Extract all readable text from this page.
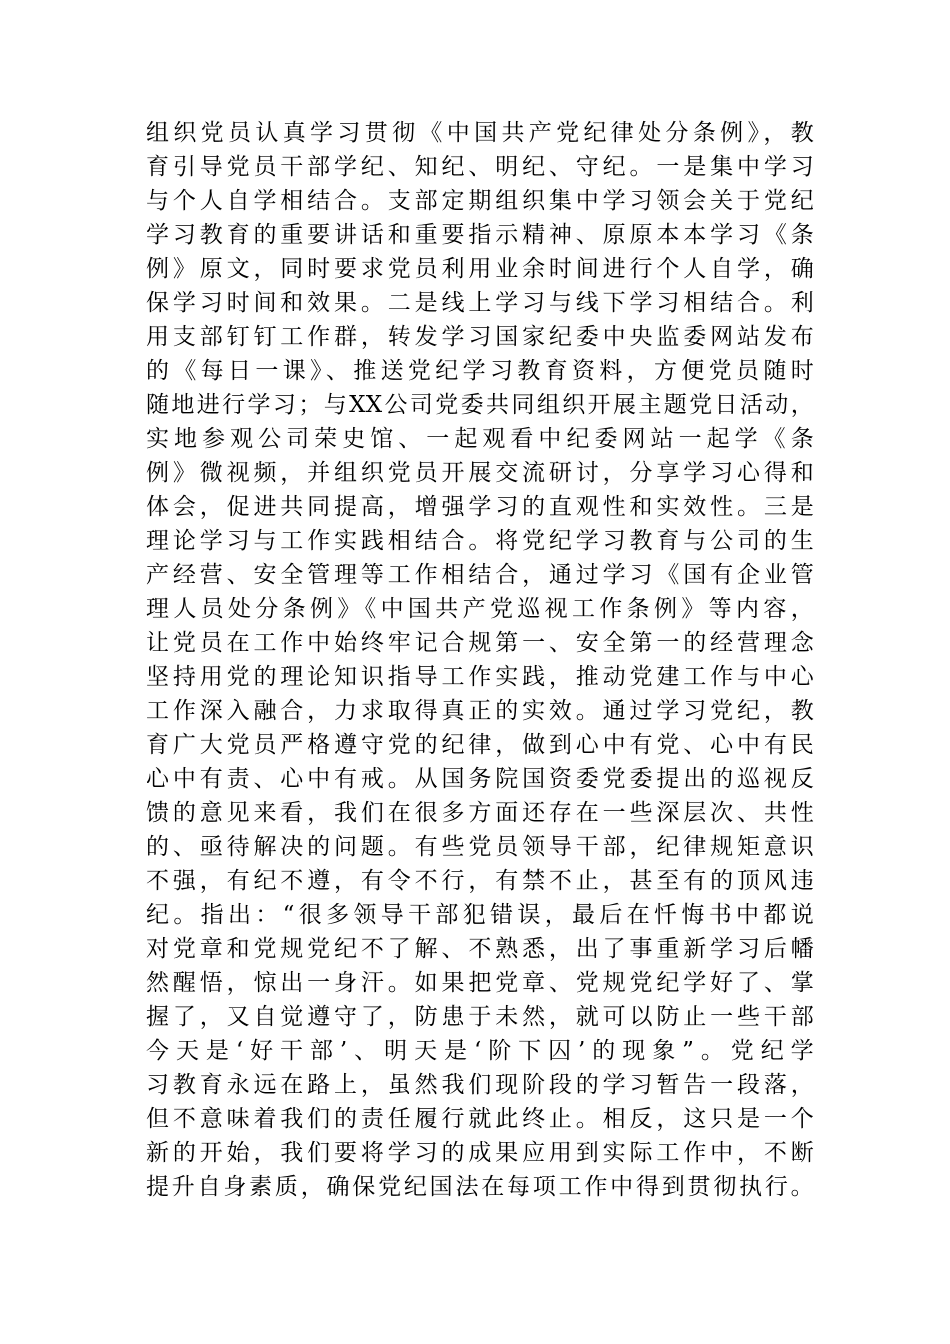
组织党员认真学习贯彻《中国共产党纪律处分条例》，教
育引导党员干部学纪、知纪、明纪、守纪。一是集中学习
与个人自学相结合。支部定期组织集中学习领会关于党纪
学习教育的重要讲话和重要指示精神、原原本本学习《条
例》原文，同时要求党员利用业余时间进行个人自学，确
保学习时间和效果。二是线上学习与线下学习相结合。利
用支部钉钉工作群，转发学习国家纪委中央监委网站发布
的《每日一课》、推送党纪学习教育资料，方便党员随时
随地进行学习；与XX公司党委共同组织开展主题党日活动，
实地参观公司荣史馆、一起观看中纪委网站一起学《条
例》微视频，并组织党员开展交流研讨，分享学习心得和
体会，促进共同提高，增强学习的直观性和实效性。三是
理论学习与工作实践相结合。将党纪学习教育与公司的生
产经营、安全管理等工作相结合，通过学习《国有企业管
理人员处分条例》《中国共产党巡视工作条例》等内容，
让党员在工作中始终牢记合规第一、安全第一的经营理念
坚持用党的理论知识指导工作实践，推动党建工作与中心
工作深入融合，力求取得真正的实效。通过学习党纪，教
育广大党员严格遵守党的纪律，做到心中有党、心中有民
心中有责、心中有戒。从国务院国资委党委提出的巡视反
馈的意见来看，我们在很多方面还存在一些深层次、共性
的、亟待解决的问题。有些党员领导干部，纪律规矩意识
不强，有纪不遵，有令不行，有禁不止，甚至有的顶风违
纪。指出：“很多领导干部犯错误，最后在忏悔书中都说
对党章和党规党纪不了解、不熟悉，出了事重新学习后幡
然醒悟，惊出一身汗。如果把党章、党规党纪学好了、掌
握了，又自觉遵守了，防患于未然，就可以防止一些干部
今天是‘好干部’、明天是‘阶下囚’的现象”。党纪学
习教育永远在路上，虽然我们现阶段的学习暂告一段落，
但不意味着我们的责任履行就此终止。相反，这只是一个
新的开始，我们要将学习的成果应用到实际工作中，不断
提升自身素质，确保党纪国法在每项工作中得到贯彻执行。
